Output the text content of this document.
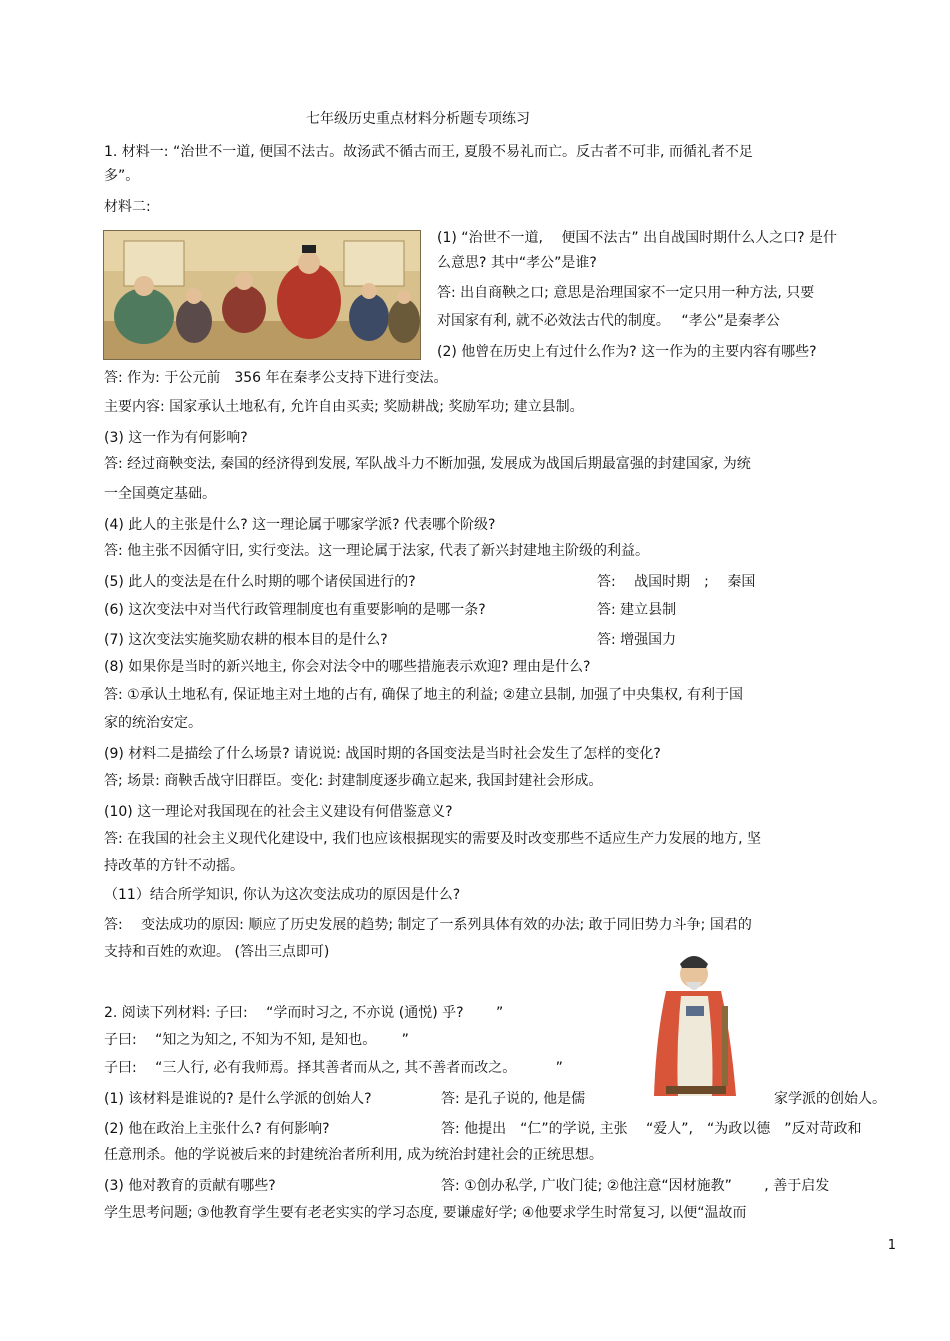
七年级历史重点材料分析题专项练习
1. 材料一: “治世不一道, 便国不法古。故汤武不循古而王, 夏殷不易礼而亡。反古者不可非, 而循礼者不足
多”。
材料二:
(1) “治世不一道,　 便国不法古” 出自战国时期什么人之口? 是什
么意思? 其中“孝公”是谁?
答: 出自商鞅之口; 意思是治理国家不一定只用一种方法, 只要
对国家有利, 就不必效法古代的制度。　 “孝公”是秦孝公
(2) 他曾在历史上有过什么作为? 这一作为的主要内容有哪些?
答: 作为: 于公元前　356 年在秦孝公支持下进行变法。
主要内容: 国家承认土地私有, 允许自由买卖; 奖励耕战; 奖励军功; 建立县制。
(3) 这一作为有何影响?
答: 经过商鞅变法, 秦国的经济得到发展, 军队战斗力不断加强, 发展成为战国后期最富强的封建国家, 为统
一全国奠定基础。
(4) 此人的主张是什么? 这一理论属于哪家学派? 代表哪个阶级?
答: 他主张不因循守旧, 实行变法。这一理论属于法家, 代表了新兴封建地主阶级的利益。
(5) 此人的变法是在什么时期的哪个诸侯国进行的?	答:　 战国时期　;　 秦国
(6) 这次变法中对当代行政管理制度也有重要影响的是哪一条?	答: 建立县制
(7) 这次变法实施奖励农耕的根本目的是什么?	答: 增强国力
(8) 如果你是当时的新兴地主, 你会对法令中的哪些措施表示欢迎? 理由是什么?
答: ①承认土地私有, 保证地主对土地的占有, 确保了地主的利益; ②建立县制, 加强了中央集权, 有利于国
家的统治安定。
(9) 材料二是描绘了什么场景? 请说说: 战国时期的各国变法是当时社会发生了怎样的变化?
答; 场景: 商鞅舌战守旧群臣。变化: 封建制度逐步确立起来, 我国封建社会形成。
(10) 这一理论对我国现在的社会主义建设有何借鉴意义?
答: 在我国的社会主义现代化建设中, 我们也应该根据现实的需要及时改变那些不适应生产力发展的地方, 坚
持改革的方针不动摇。
（11）结合所学知识, 你认为这次变法成功的原因是什么?
答:　 变法成功的原因: 顺应了历史发展的趋势; 制定了一系列具体有效的办法; 敢于同旧势力斗争; 国君的
支持和百姓的欢迎。 (答出三点即可)
2. 阅读下列材料: 子曰:　 “学而时习之, 不亦说 (通悦) 乎?　　 ”
子曰:　 “知之为知之, 不知为不知, 是知也。　　 ”
子曰:　 “三人行, 必有我师焉。择其善者而从之, 其不善者而改之。　　　 ”
(1) 该材料是谁说的? 是什么学派的创始人?	答: 是孔子说的, 他是儒	家学派的创始人。
(2) 他在政治上主张什么? 有何影响?	答: 他提出　“仁”的学说, 主张　 “爱人”,　“为政以德　”反对苛政和
任意刑杀。他的学说被后来的封建统治者所利用, 成为统治封建社会的正统思想。
(3) 他对教育的贡献有哪些?	答: ①创办私学, 广收门徒; ②他注意“因材施教”　　 , 善于启发
学生思考问题; ③他教育学生要有老老实实的学习态度, 要谦虚好学; ④他要求学生时常复习, 以便“温故而
1
